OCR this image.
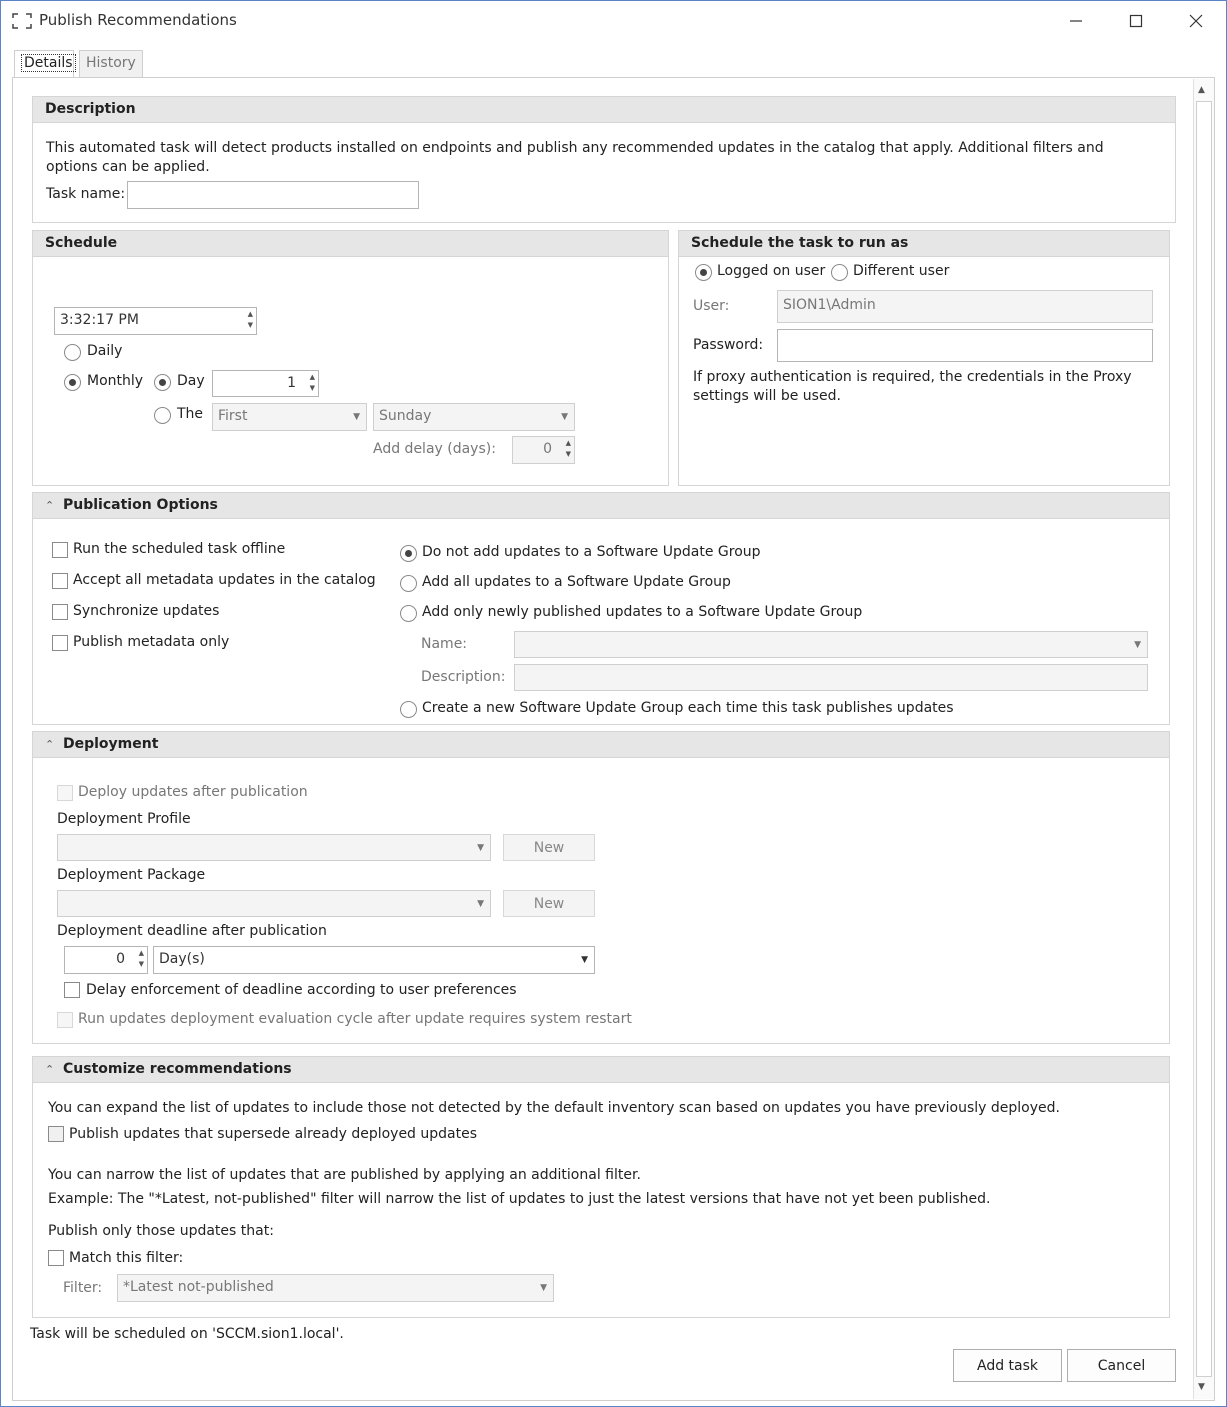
Publish Recommendations
Details History
▲
▼
Description
This automated task will detect products installed on endpoints and publish any recommended updates in the catalog that apply. Additional filters and options can be applied.
Task name:
Schedule
3:32:17 PM	▲
▼
Daily
Monthly Day	1 ▲
▼
The	First	▼	Sunday	▼
Add delay (days):	0 ▲
▼
Schedule the task to run as
Logged on user Different user
User:	SION1\Admin
Password:
If proxy authentication is required, the credentials in the Proxy settings will be used.
⌃ Publication Options
Run the scheduled task offline
Accept all metadata updates in the catalog
Synchronize updates
Publish metadata only
Do not add updates to a Software Update Group
Add all updates to a Software Update Group
Add only newly published updates to a Software Update Group
Name:	▼
Description:
Create a new Software Update Group each time this task publishes updates
⌃ Deployment
Deploy updates after publication
Deployment Profile
▼	New
Deployment Package
▼	New
Deployment deadline after publication
0 ▲
▼	Day(s)	▼
Delay enforcement of deadline according to user preferences
Run updates deployment evaluation cycle after update requires system restart
⌃ Customize recommendations
You can expand the list of updates to include those not detected by the default inventory scan based on updates you have previously deployed.
Publish updates that supersede already deployed updates
You can narrow the list of updates that are published by applying an additional filter.
Example: The "*Latest, not-published" filter will narrow the list of updates to just the latest versions that have not yet been published.
Publish only those updates that:
Match this filter:
Filter:	*Latest not-published	▼
Task will be scheduled on 'SCCM.sion1.local'.
Add task	Cancel
